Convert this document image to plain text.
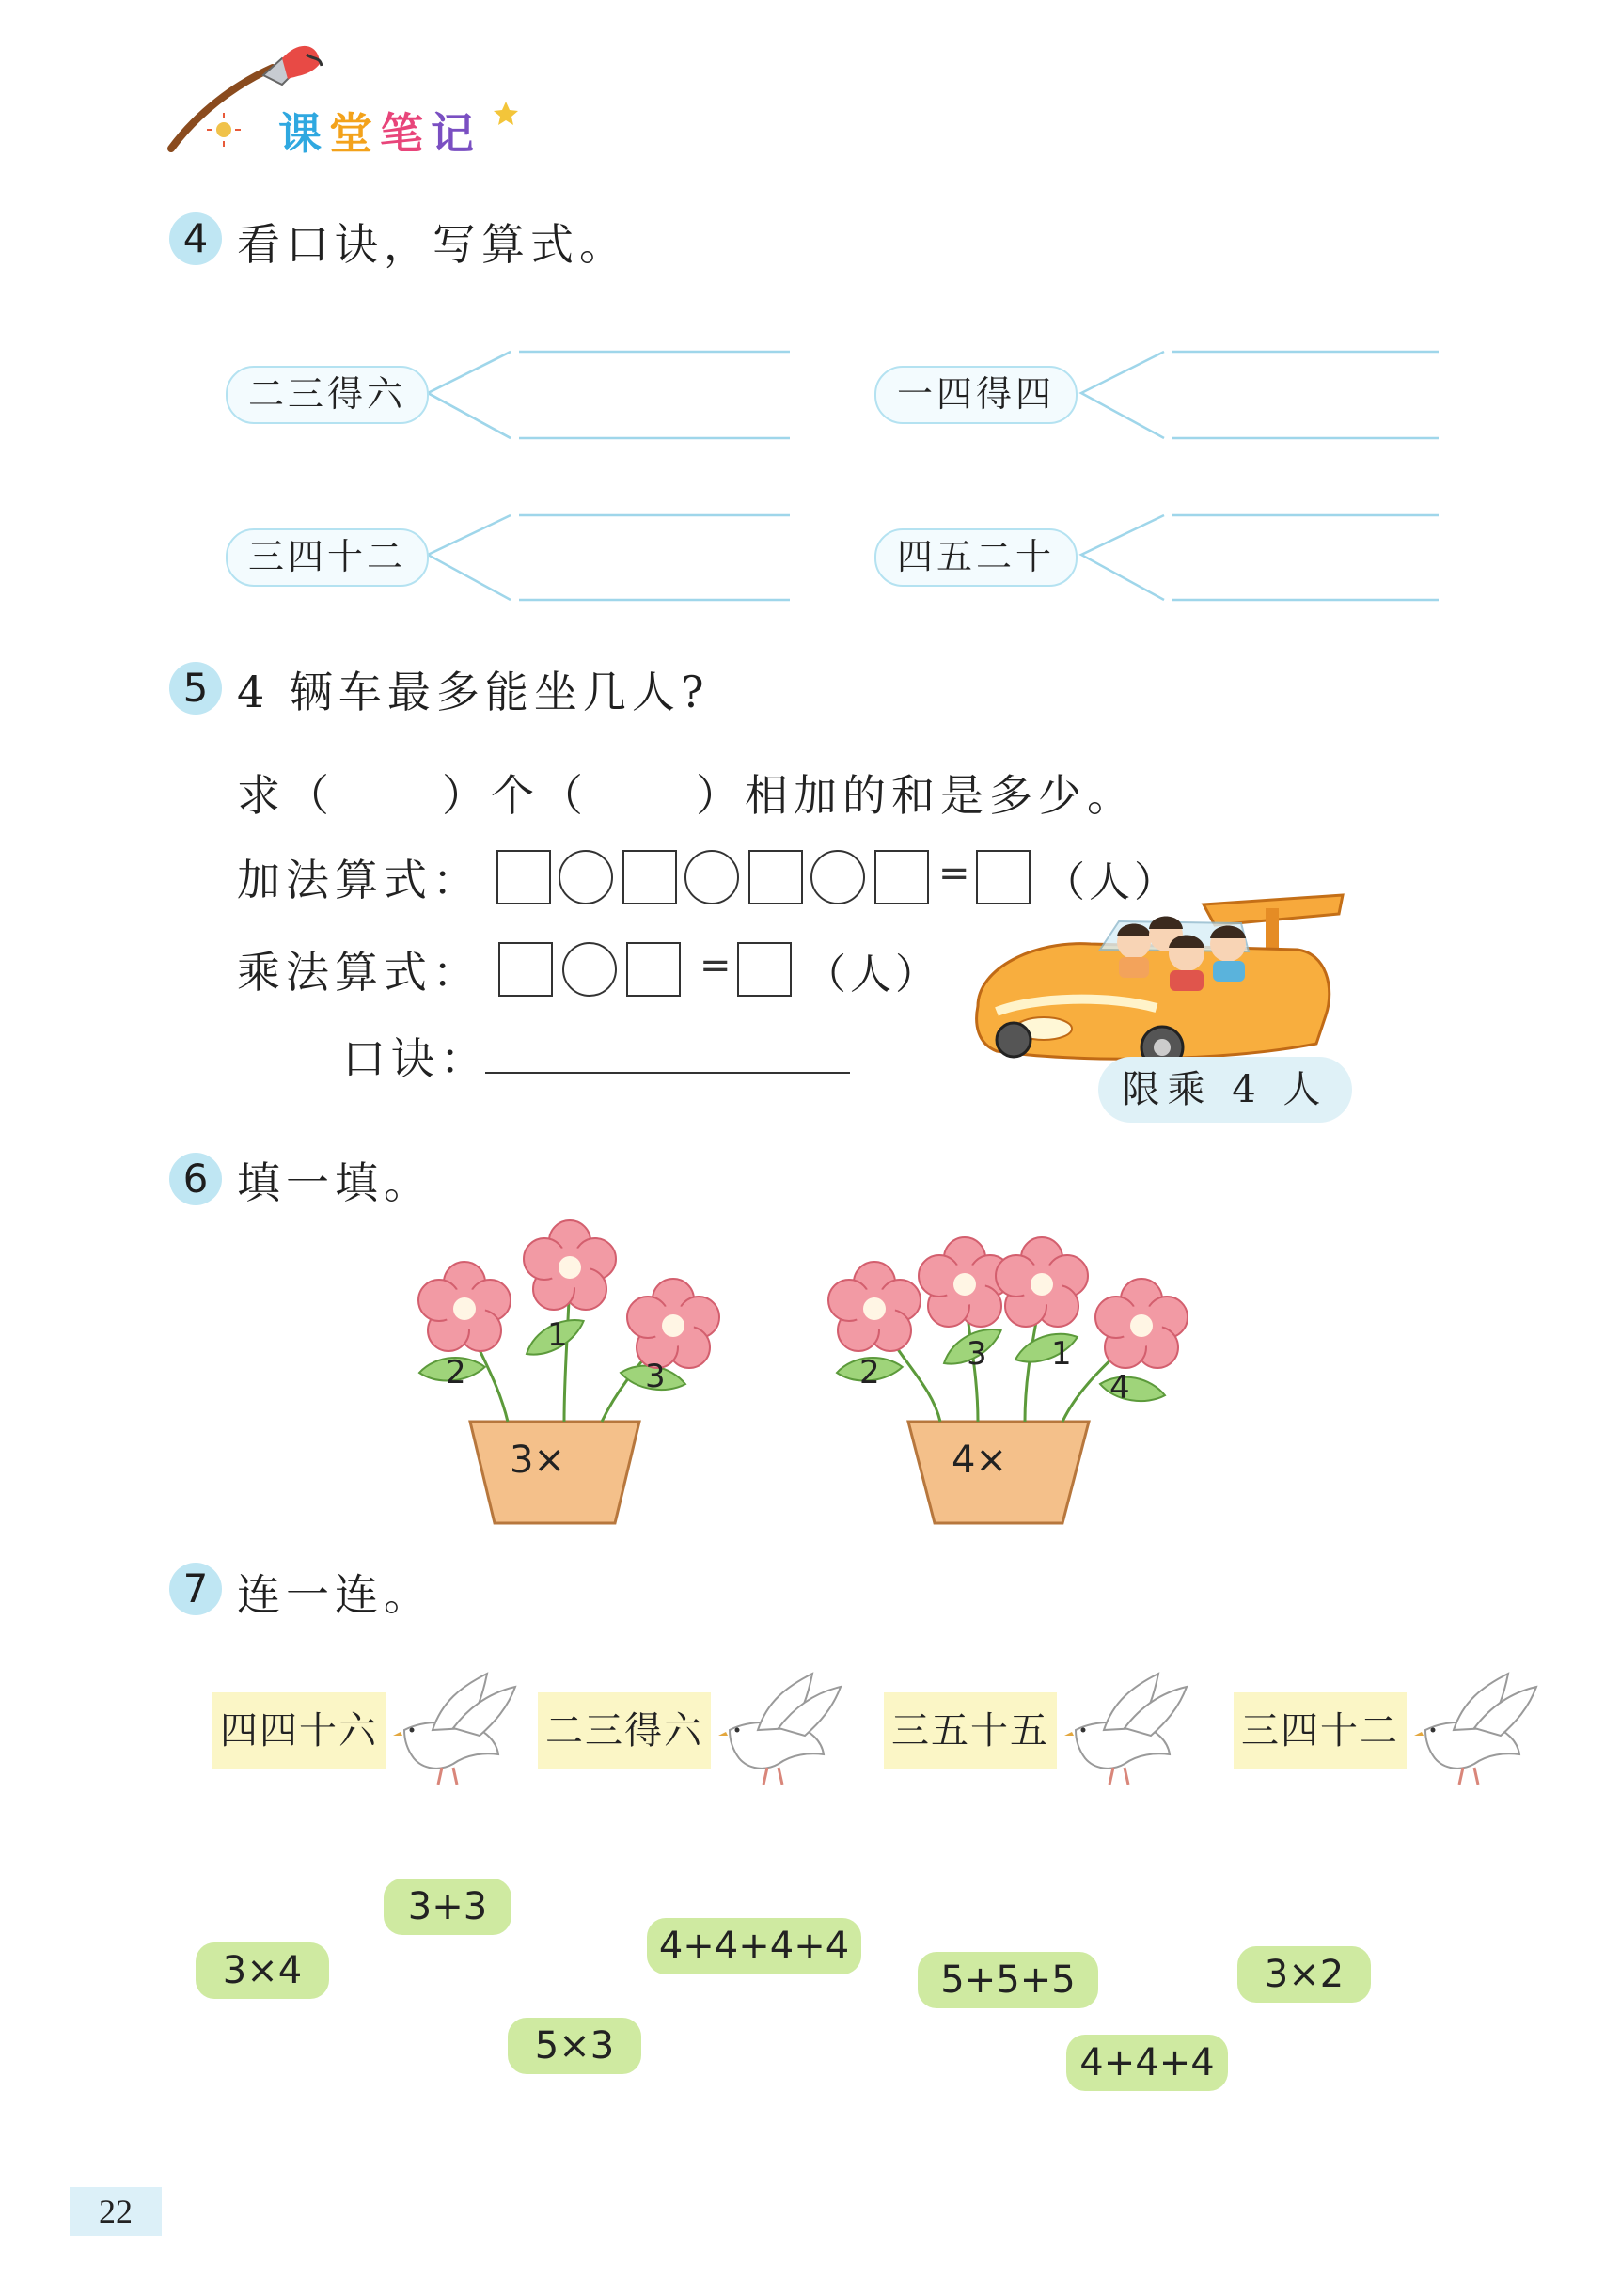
课堂笔记
4 看口诀，写算式。
二三得六	一四得四
三四十二	四五二十
5 4 辆车最多能坐几人?
求（ ）个（ ）相加的和是多少。
加法算式：	= （人）
乘法算式：	= （人）
口诀：
限乘 4 人
6 填一填。
1
2	3
3×
1
2	3
4
4×
7 连一连。
四四十六	二三得六	三五十五	三四十二
3+3
3×4
4+4+4+4
5+5+5	3×2
5×3	4+4+4
22
